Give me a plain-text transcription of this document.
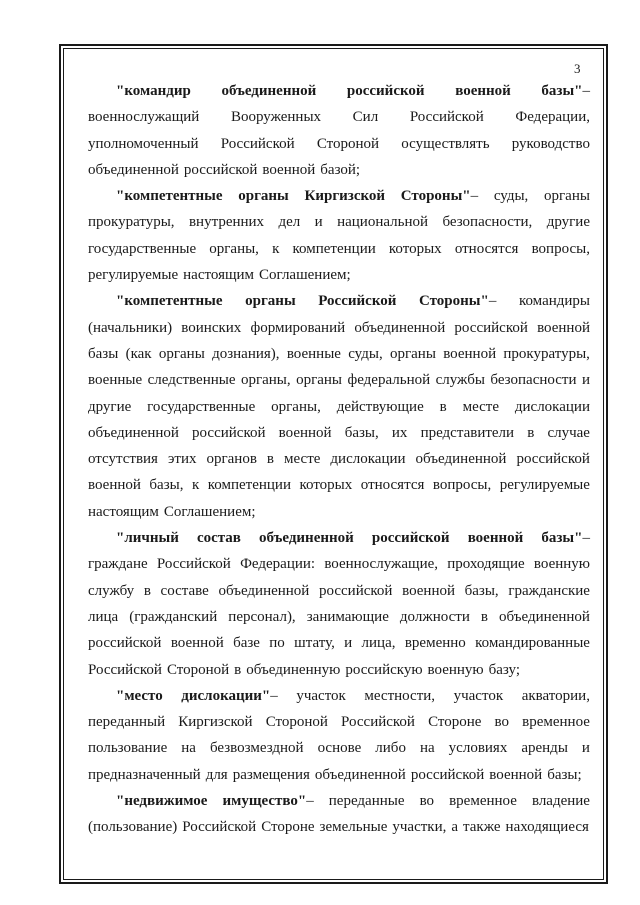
3
"командир объединенной российской военной базы"–
военнослужащий Вооруженных Сил Российской Федерации,
уполномоченный Российской Стороной осуществлять руководство
объединенной российской военной базой;
"компетентные органы Киргизской Стороны"– суды, органы
прокуратуры, внутренних дел и национальной безопасности, другие
государственные органы, к компетенции которых относятся вопросы,
регулируемые настоящим Соглашением;
"компетентные органы Российской Стороны"– командиры
(начальники) воинских формирований объединенной российской военной
базы (как органы дознания), военные суды, органы военной прокуратуры,
военные следственные органы, органы федеральной службы безопасности и
другие государственные органы, действующие в месте дислокации
объединенной российской военной базы, их представители в случае
отсутствия этих органов в месте дислокации объединенной российской
военной базы, к компетенции которых относятся вопросы, регулируемые
настоящим Соглашением;
"личный состав объединенной российской военной базы"–
граждане Российской Федерации: военнослужащие, проходящие военную
службу в составе объединенной российской военной базы, гражданские
лица (гражданский персонал), занимающие должности в объединенной
российской военной базе по штату, и лица, временно командированные
Российской Стороной в объединенную российскую военную базу;
"место дислокации"– участок местности, участок акватории,
переданный Киргизской Стороной Российской Стороне во временное
пользование на безвозмездной основе либо на условиях аренды и
предназначенный для размещения объединенной российской военной базы;
"недвижимое имущество"– переданные во временное владение
(пользование) Российской Стороне земельные участки, а также находящиеся
